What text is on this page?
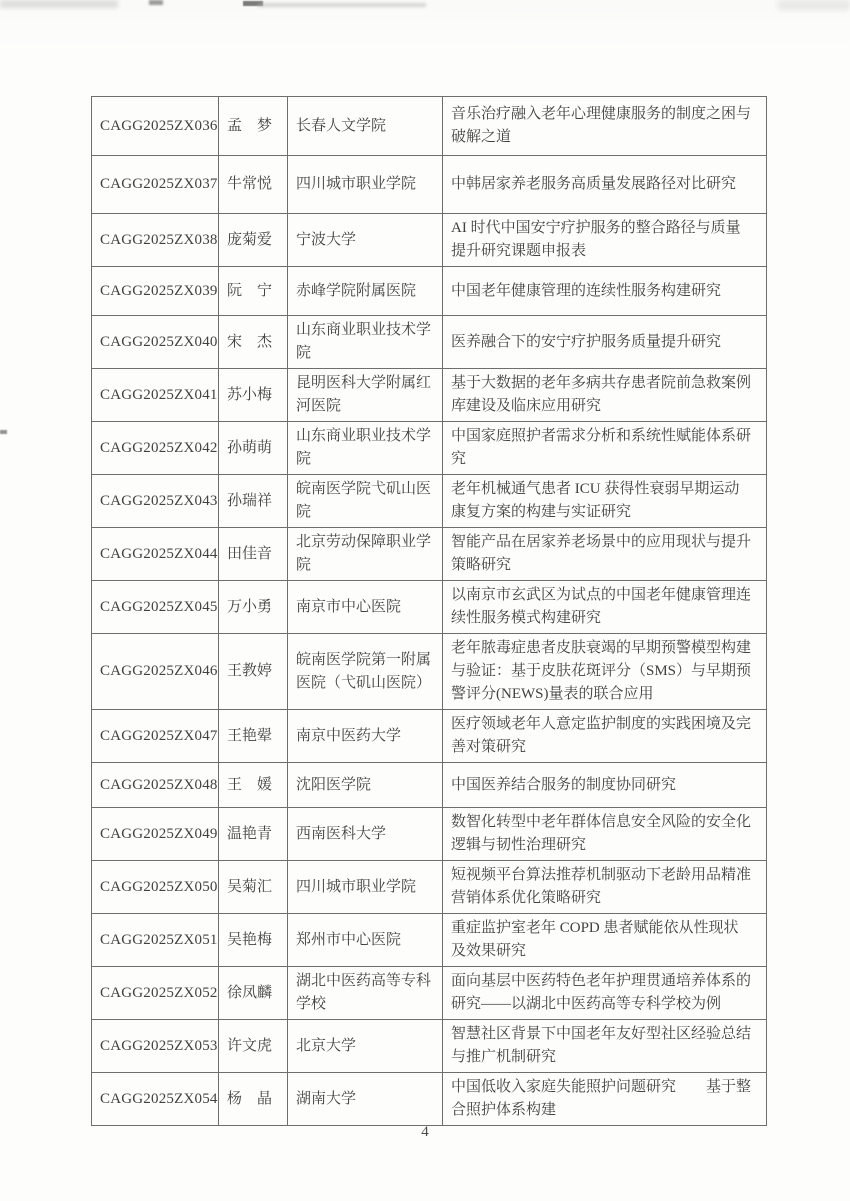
CAGG2025ZX036	孟　梦	长春人文学院	音乐治疗融入老年心理健康服务的制度之困与破解之道
CAGG2025ZX037	牛常悦	四川城市职业学院	中韩居家养老服务高质量发展路径对比研究
CAGG2025ZX038	庞菊爱	宁波大学	AI 时代中国安宁疗护服务的整合路径与质量提升研究课题申报表
CAGG2025ZX039	阮　宁	赤峰学院附属医院	中国老年健康管理的连续性服务构建研究
CAGG2025ZX040	宋　杰	山东商业职业技术学院	医养融合下的安宁疗护服务质量提升研究
CAGG2025ZX041	苏小梅	昆明医科大学附属红河医院	基于大数据的老年多病共存患者院前急救案例库建设及临床应用研究
CAGG2025ZX042	孙萌萌	山东商业职业技术学院	中国家庭照护者需求分析和系统性赋能体系研究
CAGG2025ZX043	孙瑞祥	皖南医学院弋矶山医院	老年机械通气患者 ICU 获得性衰弱早期运动康复方案的构建与实证研究
CAGG2025ZX044	田佳音	北京劳动保障职业学院	智能产品在居家养老场景中的应用现状与提升策略研究
CAGG2025ZX045	万小勇	南京市中心医院	以南京市玄武区为试点的中国老年健康管理连续性服务模式构建研究
CAGG2025ZX046	王教婷	皖南医学院第一附属医院（弋矶山医院）	老年脓毒症患者皮肤衰竭的早期预警模型构建与验证：基于皮肤花斑评分（SMS）与早期预警评分(NEWS)量表的联合应用
CAGG2025ZX047	王艳翚	南京中医药大学	医疗领域老年人意定监护制度的实践困境及完善对策研究
CAGG2025ZX048	王　媛	沈阳医学院	中国医养结合服务的制度协同研究
CAGG2025ZX049	温艳青	西南医科大学	数智化转型中老年群体信息安全风险的安全化逻辑与韧性治理研究
CAGG2025ZX050	吴菊汇	四川城市职业学院	短视频平台算法推荐机制驱动下老龄用品精准营销体系优化策略研究
CAGG2025ZX051	吴艳梅	郑州市中心医院	重症监护室老年 COPD 患者赋能依从性现状及效果研究
CAGG2025ZX052	徐凤麟	湖北中医药高等专科学校	面向基层中医药特色老年护理贯通培养体系的研究——以湖北中医药高等专科学校为例
CAGG2025ZX053	许文虎	北京大学	智慧社区背景下中国老年友好型社区经验总结与推广机制研究
CAGG2025ZX054	杨　晶	湖南大学	中国低收入家庭失能照护问题研究　　基于整合照护体系构建
4
